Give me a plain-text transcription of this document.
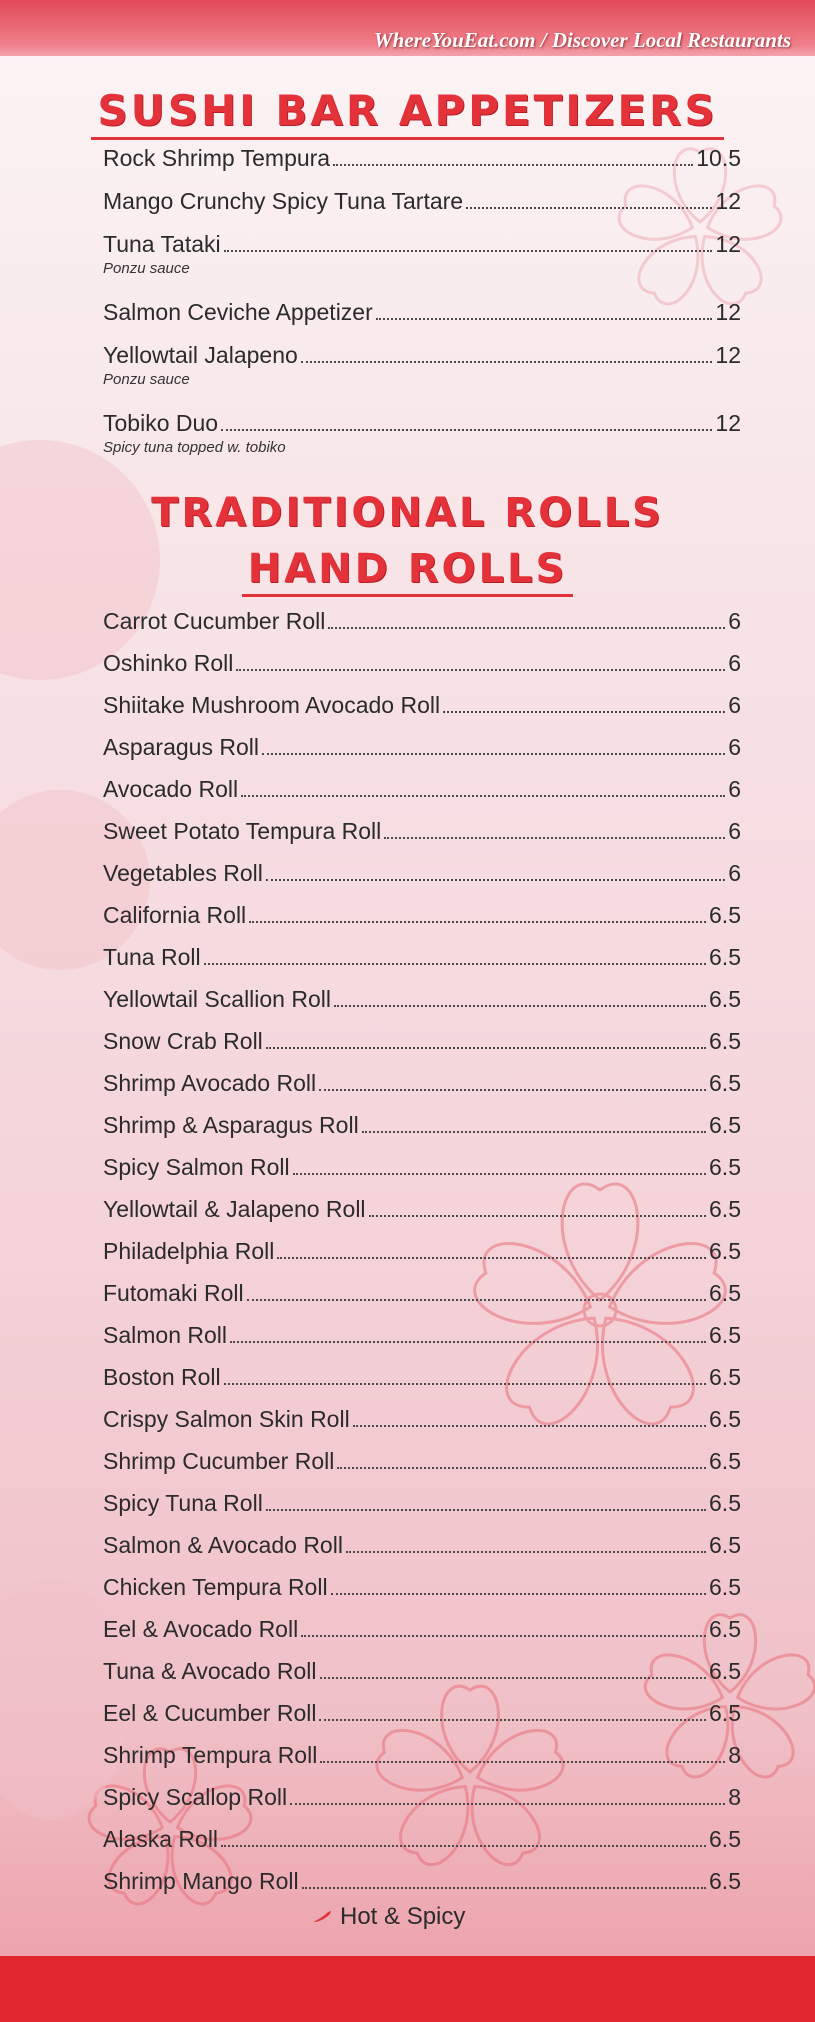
WhereYouEat.com / Discover Local Restaurants
SUSHI BAR APPETIZERS
Rock Shrimp Tempura	10.5
Mango Crunchy Spicy Tuna Tartare	12
Tuna Tataki	12
Ponzu sauce
Salmon Ceviche Appetizer	12
Yellowtail Jalapeno	12
Ponzu sauce
Tobiko Duo	12
Spicy tuna topped w. tobiko
TRADITIONAL ROLLS
HAND ROLLS
Carrot Cucumber Roll	6
Oshinko Roll	6
Shiitake Mushroom Avocado Roll	6
Asparagus Roll	6
Avocado Roll	6
Sweet Potato Tempura Roll	6
Vegetables Roll	6
California Roll	6.5
Tuna Roll	6.5
Yellowtail Scallion Roll	6.5
Snow Crab Roll	6.5
Shrimp Avocado Roll	6.5
Shrimp & Asparagus Roll	6.5
Spicy Salmon Roll	6.5
Yellowtail & Jalapeno Roll	6.5
Philadelphia Roll	6.5
Futomaki Roll	6.5
Salmon Roll	6.5
Boston Roll	6.5
Crispy Salmon Skin Roll	6.5
Shrimp Cucumber Roll	6.5
Spicy Tuna Roll	6.5
Salmon & Avocado Roll	6.5
Chicken Tempura Roll	6.5
Eel & Avocado Roll	6.5
Tuna & Avocado Roll	6.5
Eel & Cucumber Roll	6.5
Shrimp Tempura Roll	8
Spicy Scallop Roll	8
Alaska Roll	6.5
Shrimp Mango Roll	6.5
Hot & Spicy
